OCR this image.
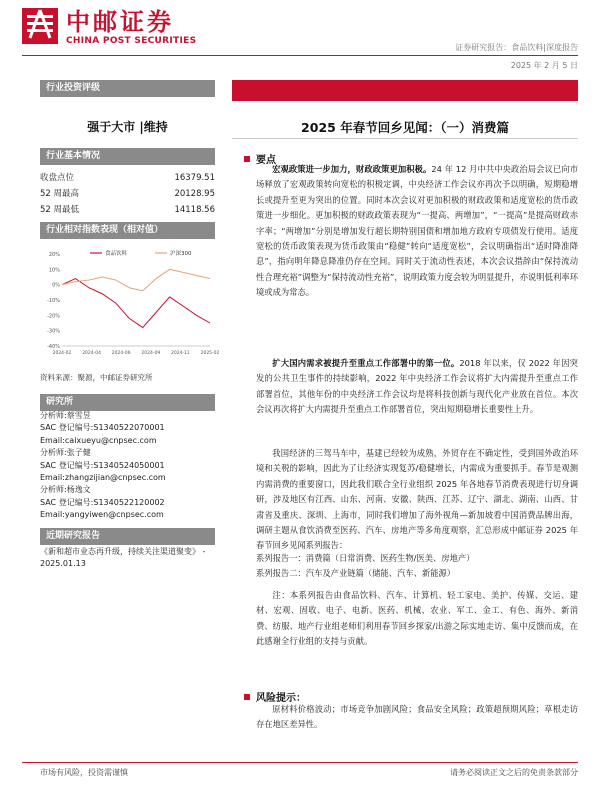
中邮证券
CHINA POST SECURITIES
证券研究报告：食品饮料|深度报告
2025 年 2 月 5 日
行业投资评级
强于大市 |维持
行业基本情况
收盘点位	16379.51
52 周最高	20128.95
52 周最低	14118.56
行业相对指数表现（相对值）
20%
10%
0%
-10%
-20%
-30%
-40%
2024-02 2024-04 2024-06 2024-09 2024-11 2025-02
食品饮料	沪深300
资料来源：聚源，中邮证券研究所
研究所
分析师:蔡雪昱
SAC 登记编号:S1340522070001
Email:caixueyu@cnpsec.com
分析师:张子健
SAC 登记编号:S1340524050001
Email:zhangzijian@cnpsec.com
分析师:杨逸文
SAC 登记编号:S1340522120002
Email:yangyiwen@cnpsec.com
近期研究报告
《新和超市业态再升级，持续关注渠道聚变》 - 2025.01.13
2025 年春节回乡见闻：（一）消费篇
要点
宏观政策进一步加力，财政政策更加积极。24 年 12 月中共中央政治局会议已向市场释放了宏观政策转向宽松的积极定调，中央经济工作会议亦再次予以明确，短期稳增长或提升至更为突出的位置。同时本次会议对更加积极的财政政策和适度宽松的货币政策进一步细化。更加积极的财政政策表现为“一提高、两增加”，“一提高”是提高财政赤字率；“两增加”分别是增加发行超长期特别国债和增加地方政府专项债发行使用。适度宽松的货币政策表现为货币政策由“稳健”转向“适度宽松”，会议明确指出“适时降准降息”，指向明年降息降准仍存在空间。同时关于流动性表述，本次会议措辞由“保持流动性合理充裕”调整为“保持流动性充裕”，说明政策力度会较为明显提升，亦说明低利率环境或成为常态。
扩大国内需求被提升至重点工作部署中的第一位。2018 年以来，仅 2022 年因突发的公共卫生事件的持续影响，2022 年中央经济工作会议将扩大内需提升至重点工作部署首位，其他年份的中央经济工作会议均是将科技创新与现代化产业放在首位。本次会议再次将扩大内需提升至重点工作部署首位，突出短期稳增长重要性上升。
我国经济的三驾马车中，基建已经较为成熟，外贸存在不确定性，受到国外政治环境和关税的影响，因此为了让经济实现复苏/稳健增长，内需成为重要抓手。春节是观测内需消费的重要窗口，因此我们联合全行业组织 2025 年各地春节消费表现进行切身调研，涉及地区有江西、山东、河南、安徽、陕西、江苏、辽宁、湖北、湖南、山西、甘肃省及重庆、深圳、上海市，同时我们增加了海外视角—新加坡看中国消费品牌出海，调研主题从食饮消费至医药、汽车、房地产等多角度观察，汇总形成中邮证券 2025 年春节回乡见闻系列报告：
系列报告一：消费篇（日常消费、医药生物/医美、房地产）
系列报告二：汽车及产业链篇（储能、汽车、新能源）
注：本系列报告由食品饮料、汽车、计算机、轻工家电、美护、传媒、交运、建材、宏观、固收、电子、电新、医药、机械、农业、军工、金工、有色、海外、新消费、纺服、地产行业组老师们利用春节回乡探家/出游之际实地走访、集中反馈而成，在此感谢全行业组的支持与贡献。
风险提示：
原材料价格波动；市场竞争加剧风险；食品安全风险；政策超预期风险；草根走访存在地区差异性。
市场有风险，投资需谨慎	请务必阅读正文之后的免责条款部分
